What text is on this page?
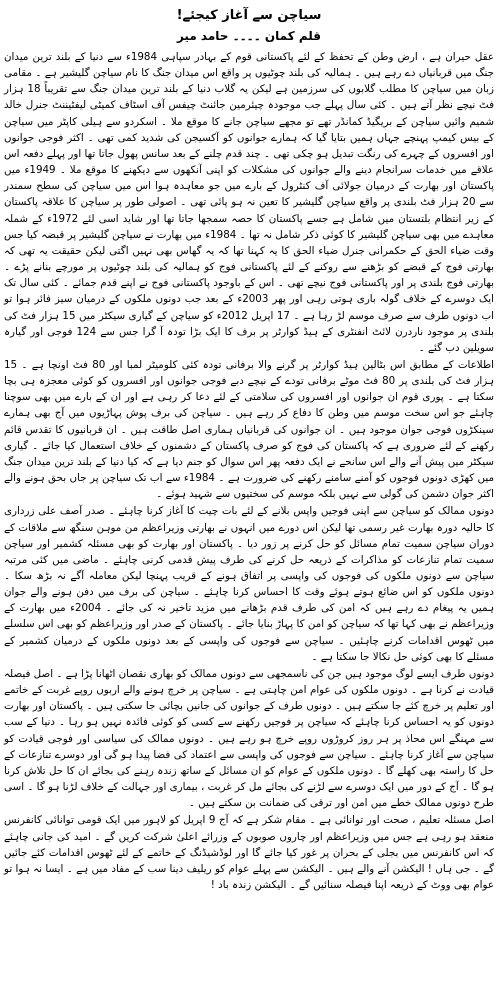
سیاچن سے آغاز کیجئے!
قلم کمان ۔۔۔۔ حامد میر

عقل حیران ہے ، ارض وطن کے تحفظ کے لئے پاکستانی قوم کے بہادر سپاہی 1984ء سے دنیا کے بلند ترین میدان جنگ میں قربانیاں دے رہے ہیں ۔ ہمالیہ کی بلند چوٹیوں پر واقع اس میدان جنگ کا نام سیاچن گلیشیر ہے ۔ مقامی زبان میں سیاچن کا مطلب گلابوں کی سرزمین ہے لیکن یہ گلاب دنیا کے بلند ترین میدان جنگ سے تقریباً 18 ہزار فٹ نیچے نظر آتے ہیں ۔ کئی سال پہلے جب موجودہ چیئرمین جائنٹ چیفس آف اسٹاف کمیٹی لیفٹیننٹ جنرل خالد شمیم وائیں سیاچن کے بریگیڈ کمانڈر تھے تو مجھے سیاچن جانے کا موقع ملا ۔ اسکردو سے ہیلی کاپٹر میں سیاچن کے بیس کیمپ پہنچے جہاں ہمیں بتایا گیا کہ ہمارے جوانوں کو آکسیجن کی شدید کمی تھی ۔ اکثر فوجی جوانوں اور افسروں کے چہرے کی رنگت تبدیل ہو چکی تھی ۔ چند قدم چلنے کے بعد سانس پھول جاتا تھا اور پہلے دفعہ اس علاقے میں خدمات سرانجام دینے والے جوانوں کی مشکلات کو اپنی آنکھوں سے دیکھنے کا موقع ملا ۔ 1949ء میں پاکستان اور بھارت کے درمیان جولائی آف کنٹرول کے بارے میں جو معاہدہ ہوا اس میں سیاچن کی سطح سمندر سے 20 ہزار فٹ بلندی پر واقع سیاچن گلیشیر کا تعین نہ ہو پائی تھی ۔ اصولی طور پر سیاچن کا علاقہ پاکستان کے زیر انتظام بلتستان میں شامل ہے جسے پاکستان کا حصہ سمجھا جاتا تھا اور شاید اسی لئے 1972ء کے شملہ معاہدے میں بھی سیاچن گلیشیر کا کوئی ذکر شامل نہ تھا ۔ 1984ء میں بھارت نے سیاچن گلیشیر پر قبضہ کیا جس وقت ضیاء الحق کے حکمرانی جنرل ضیاء الحق کا یہ کہنا تھا کہ یہ گھاس بھی نہیں اگتی لیکن حقیقت یہ تھی کہ بھارتی فوج کے قبضے کو بڑھنے سے روکنے کے لئے پاکستانی فوج کو ہمالیہ کی بلند چوٹیوں پر مورچے بنانے پڑے ۔ بھارتی فوج بلندی پر اور پاکستانی فوج نیچے تھی ۔ اس کے باوجود پاکستانی فوج نے اپنے قدم جمائے ۔ کئی سال تک ایک دوسرے کے خلاف گولہ باری ہوتی رہی اور پھر 2003ء کے بعد جب دونوں ملکوں کے درمیان سیز فائر ہوا تو اب دونوں طرف سے صرف موسم لڑ رہا ہے ۔ 17 اپریل 2012ء کو سیاچن کے گیاری سیکٹر میں 15 ہزار فٹ کی بلندی پر موجود ناردرن لائٹ انفنٹری کے ہیڈ کوارٹر پر برف کا ایک بڑا تودہ آ گرا جس سے 124 فوجی اور گیارہ سویلین دب گئے ۔

اطلاعات کے مطابق اس بٹالین ہیڈ کوارٹر پر گرنے والا برفانی تودہ کئی کلومیٹر لمبا اور 80 فٹ اونچا ہے ۔ 15 ہزار فٹ کی بلندی پر 80 فٹ موٹے برفانی تودے کے نیچے دبے فوجی جوانوں اور افسروں کو کوئی معجزہ ہی بچا سکتا ہے ۔ پوری قوم ان جوانوں اور افسروں کی سلامتی کے لئے دعا کر رہی ہے اور ان کے بارے میں بھی سوچنا چاہئے جو اس سخت موسم میں وطن کا دفاع کر رہے ہیں ۔ سیاچن کی برف پوش پہاڑیوں میں آج بھی ہمارے سینکڑوں فوجی جوان موجود ہیں ۔ ان جوانوں کی قربانیاں ہماری اصل طاقت ہیں ۔ ان قربانیوں کا تقدس قائم رکھنے کے لئے ضروری ہے کہ پاکستان کی فوج کو صرف پاکستان کے دشمنوں کے خلاف استعمال کیا جائے ۔ گیاری سیکٹر میں پیش آنے والے اس سانحے نے ایک دفعہ پھر اس سوال کو جنم دیا ہے کہ کیا دنیا کے بلند ترین میدان جنگ میں کھڑی دونوں فوجوں کو آمنے سامنے رکھنے کی ضرورت ہے ۔ 1984ء سے اب تک سیاچن پر جاں بحق ہونے والے اکثر جوان دشمن کی گولی سے نہیں بلکہ موسم کی سختیوں سے شہید ہوئے ۔

دونوں ممالک کو سیاچن سے اپنی فوجیں واپس بلانے کے لئے بات چیت کا آغاز کرنا چاہئے ۔ صدر آصف علی زرداری کا حالیہ دورہ بھارت غیر رسمی تھا لیکن اس دورے میں انہوں نے بھارتی وزیراعظم من موہن سنگھ سے ملاقات کے دوران سیاچن سمیت تمام مسائل کو حل کرنے پر زور دیا ۔ پاکستان اور بھارت کو بھی مسئلہ کشمیر اور سیاچن سمیت تمام تنازعات کو مذاکرات کے ذریعہ حل کرنے کی طرف پیش قدمی کرنی چاہئے ۔ ماضی میں کئی مرتبہ سیاچن سے دونوں ملکوں کی فوجوں کی واپسی پر اتفاق ہونے کے قریب پہنچا لیکن معاملہ آگے نہ بڑھ سکا ۔ دونوں ملکوں کو اس ضائع ہوتے ہوئے وقت کا احساس کرنا چاہئے ۔ سیاچن کی برف میں دفن ہونے والے جوان ہمیں یہ پیغام دے رہے ہیں کہ امن کی طرف قدم بڑھانے میں مزید تاخیر نہ کی جائے ۔ 2004ء میں بھارت کے وزیراعظم نے بھی کہا تھا کہ سیاچن کو امن کا پہاڑ بنایا جائے ۔ پاکستان کے صدر اور وزیراعظم کو بھی اس سلسلے میں ٹھوس اقدامات کرنے چاہئیں ۔ سیاچن سے فوجوں کی واپسی کے بعد دونوں ملکوں کے درمیان کشمیر کے مسئلے کا بھی کوئی حل نکالا جا سکتا ہے ۔

دونوں طرف ایسے لوگ موجود ہیں جن کی ناسمجھی سے دونوں ممالک کو بھاری نقصان اٹھانا پڑا ہے ۔ اصل فیصلہ قیادت نے کرنا ہے ۔ دونوں ملکوں کی عوام امن چاہتی ہے ۔ سیاچن پر خرچ ہونے والے اربوں روپے غربت کے خاتمے اور تعلیم پر خرچ کئے جا سکتے ہیں ۔ دونوں طرف کے جوانوں کی جانیں بچائی جا سکتی ہیں ۔ پاکستان اور بھارت دونوں کو یہ احساس کرنا چاہئے کہ سیاچن پر فوجیں رکھنے سے کسی کو کوئی فائدہ نہیں ہو رہا ۔ دنیا کے سب سے مہنگے اس محاذ پر ہر روز کروڑوں روپے خرچ ہو رہے ہیں ۔ دونوں ممالک کی سیاسی اور فوجی قیادت کو سیاچن سے آغاز کرنا چاہئے ۔ سیاچن سے فوجوں کی واپسی سے اعتماد کی فضا پیدا ہو گی اور دوسرے تنازعات کے حل کا راستہ بھی کھلے گا ۔ دونوں ملکوں کے عوام کو ان مسائل کے ساتھ زندہ رہنے کی بجائے ان کا حل تلاش کرنا ہو گا ۔ آج کے دور میں ایک دوسرے سے لڑنے کی بجائے مل کر غربت ، بیماری اور جہالت کے خلاف لڑنا ہو گا ۔ اسی طرح دونوں ممالک خطے میں امن اور ترقی کی ضمانت بن سکتے ہیں ۔

اصل مسئلہ تعلیم ، صحت اور توانائی ہے ۔ مقام شکر ہے کہ آج 9 اپریل کو لاہور میں ایک قومی توانائی کانفرنس منعقد ہو رہی ہے جس میں وزیراعظم اور چاروں صوبوں کے وزرائے اعلیٰ شرکت کریں گے ۔ امید کی جانی چاہئے کہ اس کانفرنس میں بجلی کے بحران پر غور کیا جائے گا اور لوڈشیڈنگ کے خاتمے کے لئے ٹھوس اقدامات کئے جائیں گے ۔ جی ہاں ! الیکشن آنے والے ہیں ۔ الیکشن سے پہلے عوام کو ریلیف دینا سب کے مفاد میں ہے ۔ ایسا نہ ہوا تو عوام بھی ووٹ کے ذریعہ اپنا فیصلہ سنائیں گے ۔ الیکشن زندہ باد !
